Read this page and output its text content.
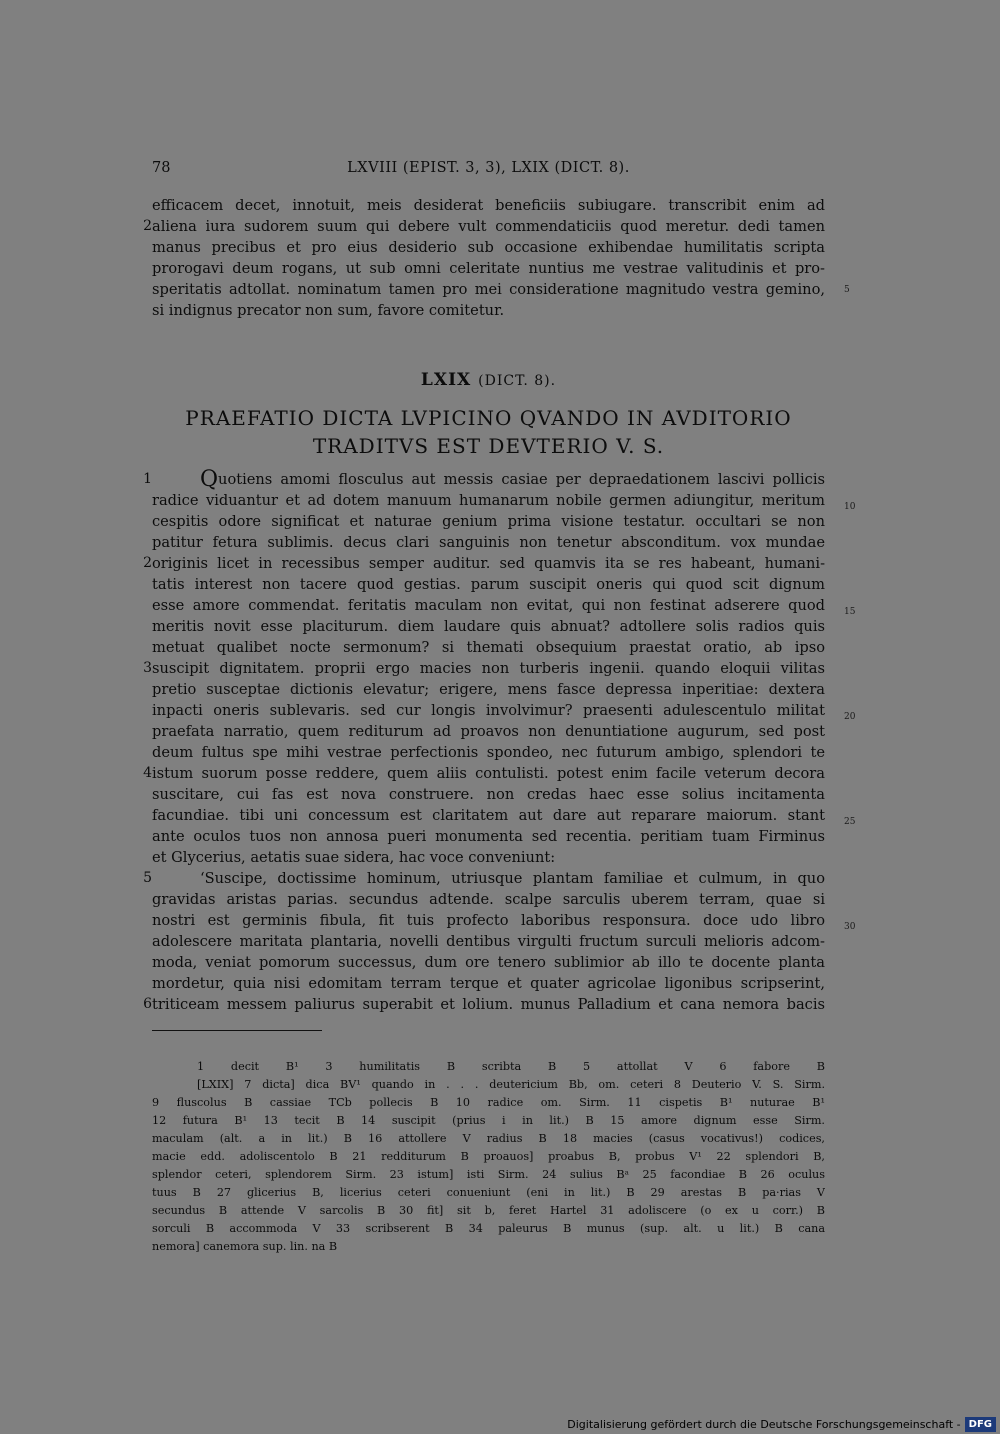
78	LXVIII (EPIST. 3, 3), LXIX (DICT. 8).
efficacem decet, innotuit, meis desiderat beneficiis subiugare. transcribit enim ad
aliena iura sudorem suum qui debere vult commendaticiis quod meretur. dedi tamen
manus precibus et pro eius desiderio sub occasione exhibendae humilitatis scripta
prorogavi deum rogans, ut sub omni celeritate nuntius me vestrae valitudinis et pro-
speritatis adtollat. nominatum tamen pro mei consideratione magnitudo vestra gemino,
si indignus precator non sum, favore comitetur.
2
5
LXIX (DICT. 8).
PRAEFATIO DICTA LVPICINO QVANDO IN AVDITORIO
TRADITVS EST DEVTERIO V. S.
Quotiens amomi flosculus aut messis casiae per depraedationem lascivi pollicis
radice viduantur et ad dotem manuum humanarum nobile germen adiungitur, meritum
cespitis odore significat et naturae genium prima visione testatur. occultari se non
patitur fetura sublimis. decus clari sanguinis non tenetur absconditum. vox mundae
originis licet in recessibus semper auditur. sed quamvis ita se res habeant, humani-
tatis interest non tacere quod gestias. parum suscipit oneris qui quod scit dignum
esse amore commendat. feritatis maculam non evitat, qui non festinat adserere quod
meritis novit esse placiturum. diem laudare quis abnuat? adtollere solis radios quis
metuat qualibet nocte sermonum? si themati obsequium praestat oratio, ab ipso
suscipit dignitatem. proprii ergo macies non turberis ingenii. quando eloquii vilitas
pretio susceptae dictionis elevatur; erigere, mens fasce depressa inperitiae: dextera
inpacti oneris sublevaris. sed cur longis involvimur? praesenti adulescentulo militat
praefata narratio, quem rediturum ad proavos non denuntiatione augurum, sed post
deum fultus spe mihi vestrae perfectionis spondeo, nec futurum ambigo, splendori te
istum suorum posse reddere, quem aliis contulisti. potest enim facile veterum decora
suscitare, cui fas est nova construere. non credas haec esse solius incitamenta
facundiae. tibi uni concessum est claritatem aut dare aut reparare maiorum. stant
ante oculos tuos non annosa pueri monumenta sed recentia. peritiam tuam Firminus
et Glycerius, aetatis suae sidera, hac voce conveniunt:
‘Suscipe, doctissime hominum, utriusque plantam familiae et culmum, in quo
gravidas aristas parias. secundus adtende. scalpe sarculis uberem terram, quae si
nostri est germinis fibula, fit tuis profecto laboribus responsura. doce udo libro
adolescere maritata plantaria, novelli dentibus virgulti fructum surculi melioris adcom-
moda, veniat pomorum successus, dum ore tenero sublimior ab illo te docente planta
mordetur, quia nisi edomitam terram terque et quater agricolae ligonibus scripserint,
triticeam messem paliurus superabit et lolium. munus Palladium et cana nemora bacis
1
2
3
4
5
6
10
15
20
25
30
1 decit B¹ 3 humilitatis B scribta B 5 attollat V 6 fabore B
[LXIX] 7 dicta] dica BV¹ quando in . . . deutericium Bb, om. ceteri 8 Deuterio V. S. Sirm.
9 fluscolus B cassiae TCb pollecis B 10 radice om. Sirm. 11 cispetis B¹ nuturae B¹
12 futura B¹ 13 tecit B 14 suscipit (prius i in lit.) B 15 amore dignum esse Sirm.
maculam (alt. a in lit.) B 16 attollere V radius B 18 macies (casus vocativus!) codices,
macie edd. adoliscentolo B 21 redditurum B proauos] proabus B, probus V¹ 22 splendori B,
splendor ceteri, splendorem Sirm. 23 istum] isti Sirm. 24 sulius Bᵃ 25 facondiae B 26 oculus
tuus B 27 glicerius B, licerius ceteri conueniunt (eni in lit.) B 29 arestas B pa·rias V
secundus B attende V sarcolis B 30 fit] sit b, feret Hartel 31 adoliscere (o ex u corr.) B
sorculi B accommoda V 33 scribserent B 34 paleurus B munus (sup. alt. u lit.) B cana
nemora] canemora sup. lin. na B
Digitalisierung gefördert durch die Deutsche Forschungsgemeinschaft - DFG
